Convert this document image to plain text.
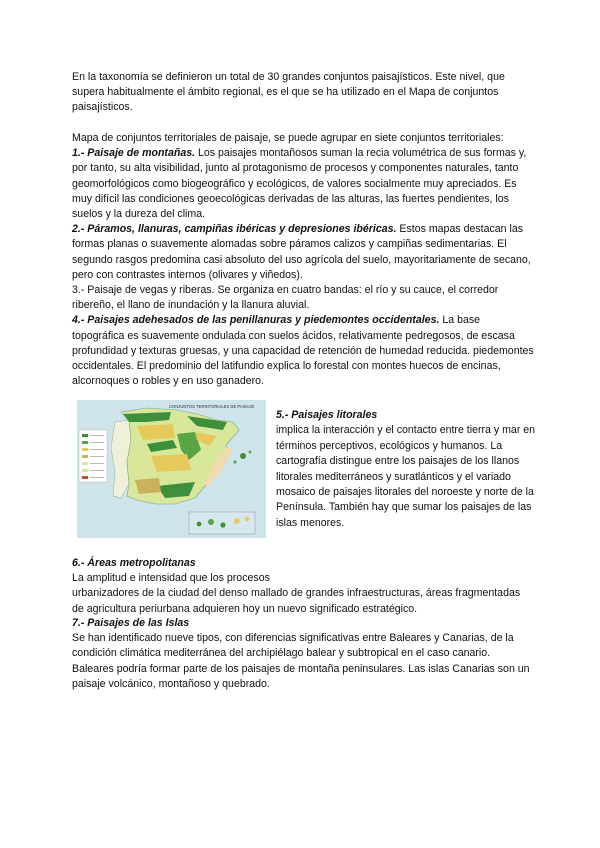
En la taxonomía se definieron un total de 30 grandes conjuntos paisajísticos. Este nivel, que supera habitualmente el ámbito regional, es el que se ha utilizado en el Mapa de conjuntos paisajísticos.

Mapa de conjuntos territoriales de paisaje, se puede agrupar en siete conjuntos territoriales:

1.- Paisaje de montañas. Los paisajes montañosos suman la recia volumétrica de sus formas y, por tanto, su alta visibilidad, junto al protagonismo de procesos y componentes naturales, tanto geomorfológicos como biogeográfico y ecológicos, de valores socialmente muy apreciados. Es muy difícil las condiciones geoecológicas derivadas de las alturas, las fuertes pendientes, los suelos y la dureza del clima.

2.- Páramos, llanuras, campiñas ibéricas y depresiones ibéricas. Estos mapas destacan las formas planas o suavemente alomadas sobre páramos calizos y campiñas sedimentarias. El segundo rasgos predomina casi absoluto del uso agrícola del suelo, mayoritariamente de secano, pero con contrastes internos (olivares y viñedos).

3.- Paisaje de vegas y riberas. Se organiza en cuatro bandas: el río y su cauce, el corredor ribereño, el llano de inundación y la llanura aluvial.

4.- Paisajes adehesados de las penillanuras y piedemontes occidentales. La base topográfica es suavemente ondulada con suelos ácidos, relativamente pedregosos, de escasa profundidad y texturas gruesas, y una capacidad de retención de humedad reducida. piedemontes occidentales. El predominio del latifundio explica lo forestal con montes huecos de encinas, alcornoques o robles y en uso ganadero.

CONJUNTOS TERRITORIALES DE PAISAJE

5.- Paisajes litorales

implica la interacción y el contacto entre tierra y mar en términos perceptivos, ecológicos y humanos. La cartografía distingue entre los paisajes de los llanos litorales mediterráneos y suratlánticos y el variado mosaico de paisajes litorales del noroeste y norte de la Península. También hay que sumar los paisajes de las islas menores.

6.- Áreas metropolitanas

La amplitud e intensidad que los procesos

urbanizadores de la ciudad del denso mallado de grandes infraestructuras, áreas fragmentadas de agricultura periurbana adquieren hoy un nuevo significado estratégico.

7.- Paisajes de las Islas

Se han identificado nueve tipos, con diferencias significativas entre Baleares y Canarias, de la condición climática mediterránea del archipiélago balear y subtropical en el caso canario. Baleares podría formar parte de los paisajes de montaña peninsulares. Las islas Canarias son un paisaje volcánico, montañoso y quebrado.
